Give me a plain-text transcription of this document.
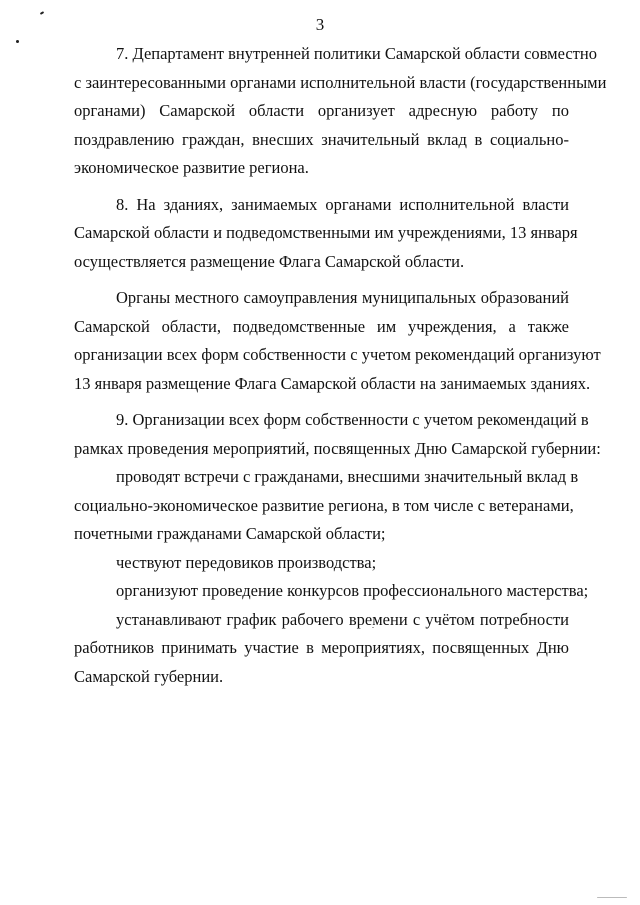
3
7. Департамент внутренней политики Самарской области совместно
с заинтересованными органами исполнительной власти (государственными
органами) Самарской области организует адресную работу по
поздравлению граждан, внесших значительный вклад в социально-
экономическое развитие региона.
8. На зданиях, занимаемых органами исполнительной власти
Самарской области и подведомственными им учреждениями, 13 января
осуществляется размещение Флага Самарской области.
Органы местного самоуправления муниципальных образований
Самарской области, подведомственные им учреждения, а также
организации всех форм собственности с учетом рекомендаций организуют
13 января размещение Флага Самарской области на занимаемых зданиях.
9. Организации всех форм собственности с учетом рекомендаций в
рамках проведения мероприятий, посвященных Дню Самарской губернии:
проводят встречи с гражданами, внесшими значительный вклад в
социально-экономическое развитие региона, в том числе с ветеранами,
почетными гражданами Самарской области;
чествуют передовиков производства;
организуют проведение конкурсов профессионального мастерства;
устанавливают график рабочего времени с учётом потребности
работников принимать участие в мероприятиях, посвященных Дню
Самарской губернии.
